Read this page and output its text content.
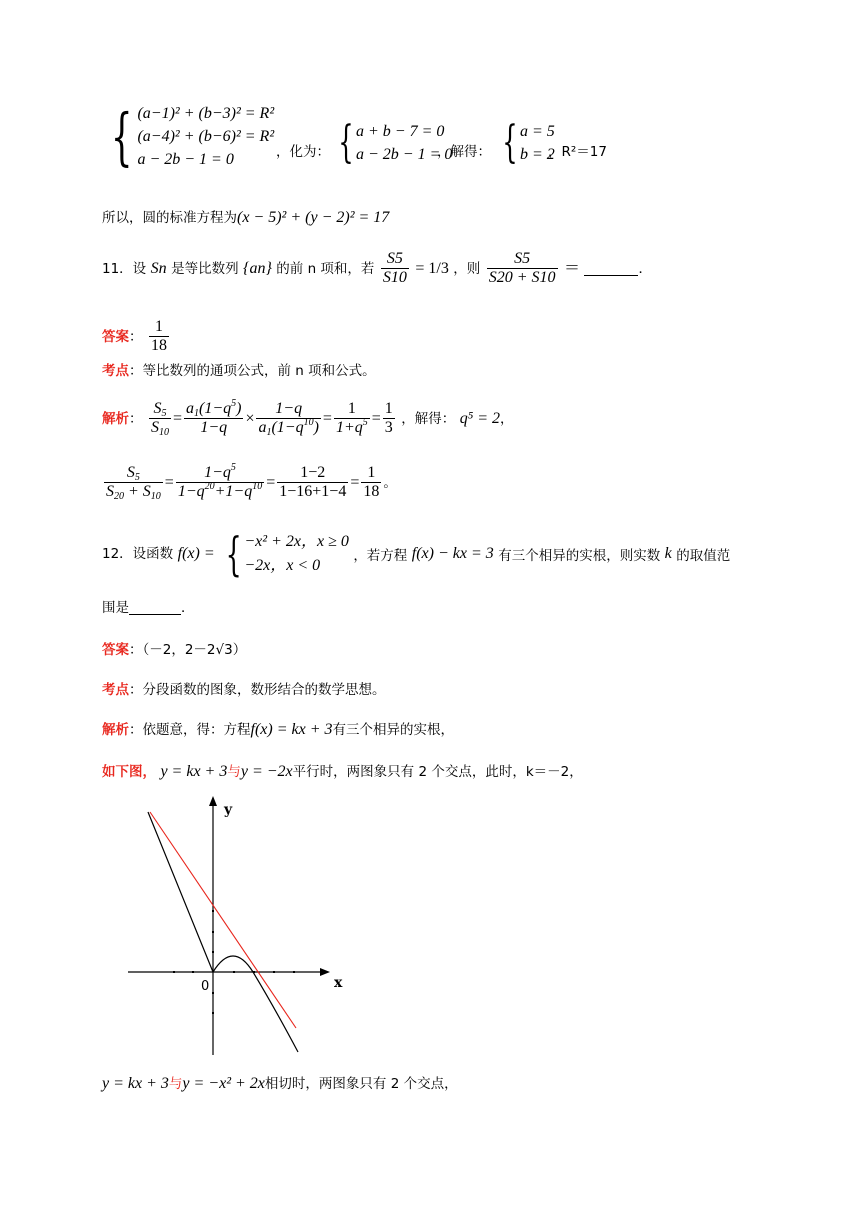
{ (a−1)² + (b−3)² = R²
(a−4)² + (b−6)² = R²
a − 2b − 1 = 0	，化为： { a + b − 7 = 0
a − 2b − 1 = 0
，解得： { a = 5
b = 2
，R²＝17
所以，圆的标准方程为(x − 5)² + (y − 2)² = 17
11．设 Sn 是等比数列 {an} 的前 n 项和，若 $\frac{S5}{S10} = 1/3$ ，则 $\frac{S5}{S20 + S10}$ ＝	．
答案： $\frac{1}{18}$
考点：等比数列的通项公式，前 n 项和公式。
解析： $\frac{S_5}{S_{10}} = \frac{a_1(1-q^5)}{1-q} \times \frac{1-q}{a_1(1-q^{10})} = \frac{1}{1+q^5} = \frac{1}{3}$ ，解得： q⁵ = 2，
$\frac{S_5}{S_{20} + S_{10}} = \frac{1-q^5}{1-q^{20}+1-q^{10}} = \frac{1-2}{1-16+1-4} = \frac{1}{18}$ 。
12．设函数 f(x) = { −x² + 2x，x ≥ 0
−2x，x < 0
，若方程 f(x) − kx = 3 有三个相异的实根，则实数 k 的取值范
围是	．
答案：（－2，2－2√3）
考点：分段函数的图象，数形结合的数学思想。
解析：依题意，得：方程f(x) = kx + 3有三个相异的实根，
如下图， y = kx + 3与y = −2x平行时，两图象只有 2 个交点，此时，k＝－2，
y
x
0
y = kx + 3与y = −x² + 2x相切时，两图象只有 2 个交点，
